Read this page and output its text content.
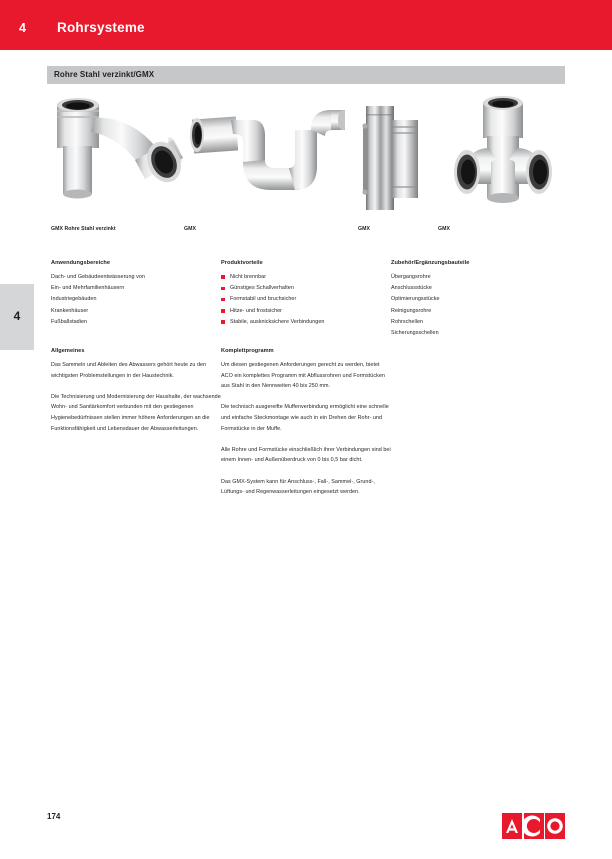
4 Rohrsysteme
Rohre Stahl verzinkt/GMX
4
GMX Rohre Stahl verzinkt	GMX	GMX	GMX
Anwendungsbereiche
Dach- und Gebäudeentwässerung von
Ein- und Mehrfamilienhäusern
Industriegebäuden
Krankenhäuser
Fußballstadien
Produktvorteile
Nicht brennbar
Günstiges Schallverhalten
Formstabil und bruchsicher
Hitze- und frostsicher
Stabile, ausknicksichere Verbindungen
Zubehör/Ergänzungsbauteile
Übergangsrohre
Anschlussstücke
Optimierungsstücke
Reinigungsrohre
Rohrschellen
Sicherungsschellen
Allgemeines

Das Sammeln und Ableiten des Abwassers gehört heute zu den wichtigsten Problemstellungen in der Haustechnik.

Die Technisierung und Modernisierung der Haushalte, der wachsende Wohn- und Sanitärkomfort verbunden mit den gestiegenen Hygienebedürfnissen stellen immer höhere Anforderungen an die Funktionsfähigkeit und Lebensdauer der Abwasserleitungen.

Komplettprogramm

Um diesen gestiegenen Anforderungen gerecht zu werden, bietet ACO ein komplettes Programm mit Abflussrohren und Formstücken aus Stahl in den Nennweiten 40 bis 250 mm.

Die technisch ausgereifte Muffenverbindung ermöglicht eine schnelle und einfache Steckmontage wie auch in ein Drehen der Rohr- und Formstücke in der Muffe.

Alle Rohre und Formstücke einschließlich ihrer Verbindungen sind bei einem Innen- und Außenüberdruck von 0 bis 0,5 bar dicht.

Das GMX-System kann für Anschluss-, Fall-, Sammel-, Grund-, Lüftungs- und Regenwasserleitungen eingesetzt werden.

174
